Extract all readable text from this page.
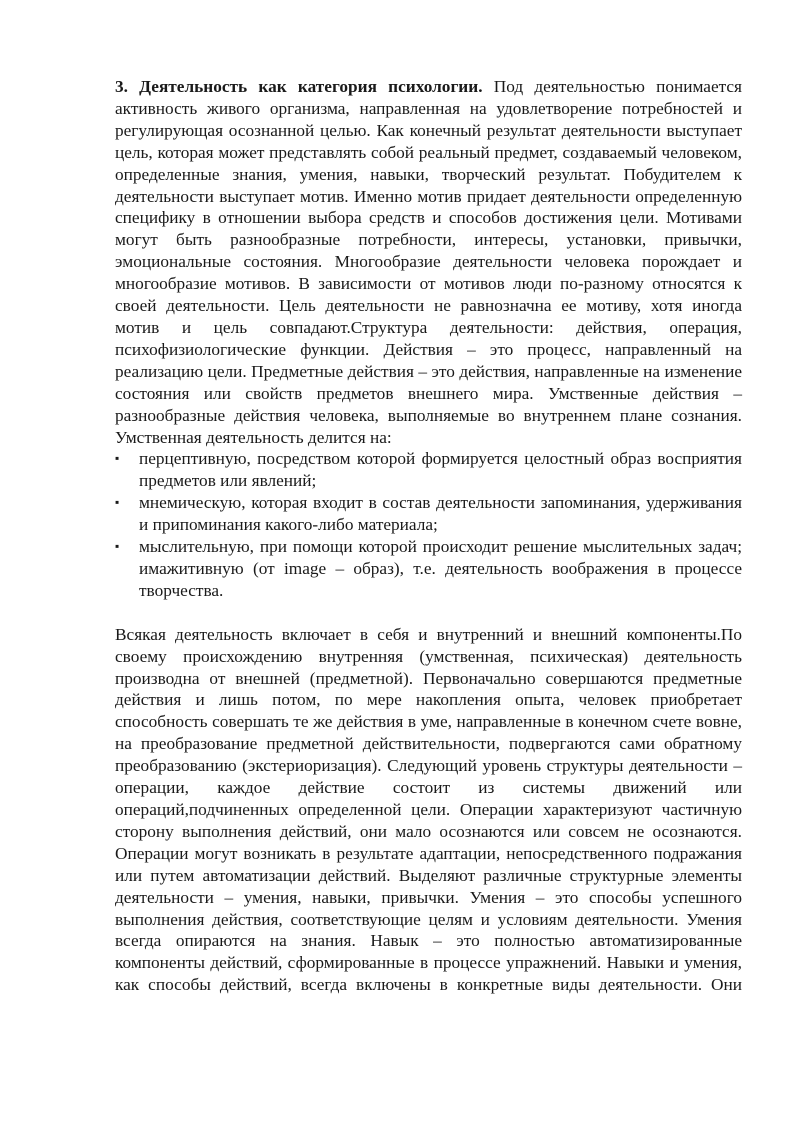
3. Деятельность как категория психологии. Под деятельностью понимается активность живого организма, направленная на удовлетворение потребностей и регулирующая осознанной целью. Как конечный результат деятельности выступает цель, которая может представлять собой реальный предмет, создаваемый человеком, определенные знания, умения, навыки, творческий результат. Побудителем к деятельности выступает мотив. Именно мотив придает деятельности определенную специфику в отношении выбора средств и способов достижения цели. Мотивами могут быть разнообразные потребности, интересы, установки, привычки, эмоциональные состояния. Многообразие деятельности человека порождает и многообразие мотивов. В зависимости от мотивов люди по-разному относятся к своей деятельности. Цель деятельности не равнозначна ее мотиву, хотя иногда мотив и цель совпадают.Структура деятельности: действия, операция, психофизиологические функции. Действия – это процесс, направленный на реализацию цели. Предметные действия – это действия, направленные на изменение состояния или свойств предметов внешнего мира. Умственные действия – разнообразные действия человека, выполняемые во внутреннем плане сознания. Умственная деятельность делится на:

▪ перцептивную, посредством которой формируется целостный образ восприятия предметов или явлений;
▪ мнемическую, которая входит в состав деятельности запоминания, удерживания и припоминания какого-либо материала;
▪ мыслительную, при помощи которой происходит решение мыслительных задач; имажитивную (от image – образ), т.е. деятельность воображения в процессе творчества.

Всякая деятельность включает в себя и внутренний и внешний компоненты.По своему происхождению внутренняя (умственная, психическая) деятельность производна от внешней (предметной). Первоначально совершаются предметные действия и лишь потом, по мере накопления опыта, человек приобретает способность совершать те же действия в уме, направленные в конечном счете вовне, на преобразование предметной действительности, подвергаются сами обратному преобразованию (экстериоризация). Следующий уровень структуры деятельности – операции, каждое действие состоит из системы движений или операций,подчиненных определенной цели. Операции характеризуют частичную сторону выполнения действий, они мало осознаются или совсем не осознаются. Операции могут возникать в результате адаптации, непосредственного подражания или путем автоматизации действий. Выделяют различные структурные элементы деятельности – умения, навыки, привычки. Умения – это способы успешного выполнения действия, соответствующие целям и условиям деятельности. Умения всегда опираются на знания. Навык – это полностью автоматизированные компоненты действий, сформированные в процессе упражнений. Навыки и умения, как способы действий, всегда включены в конкретные виды деятельности. Они
